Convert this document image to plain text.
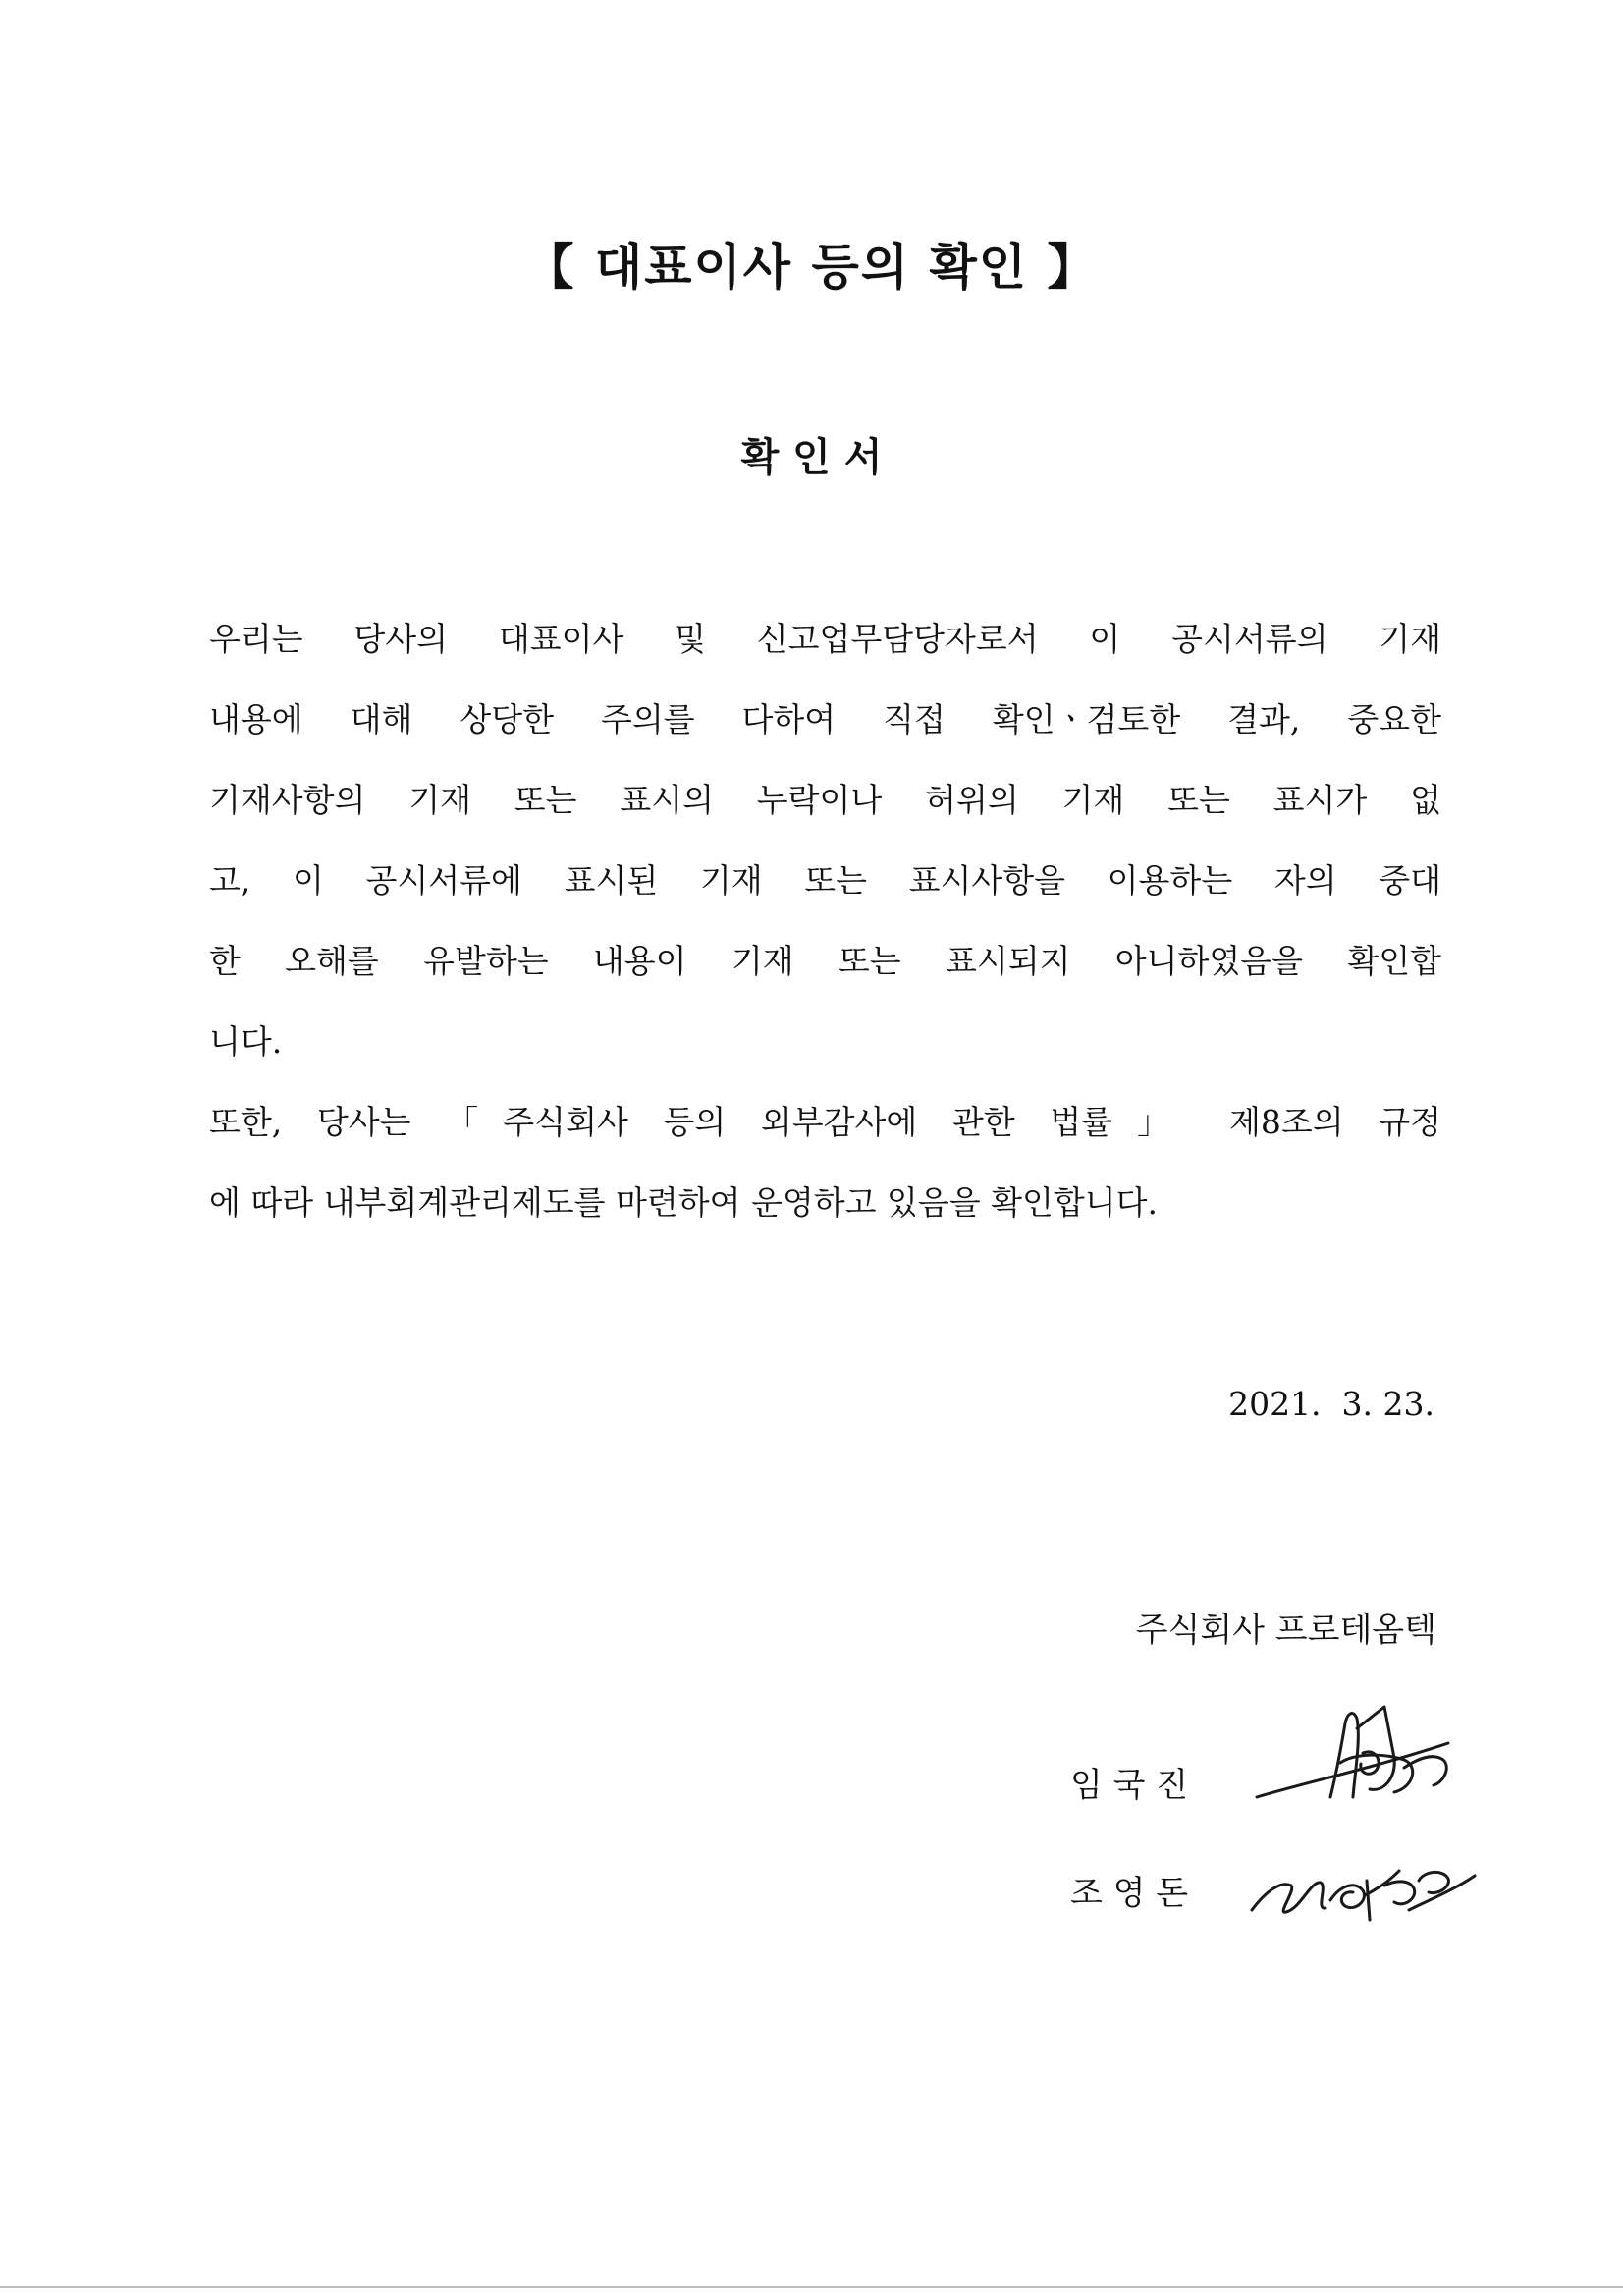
【 대표이사 등의 확인 】
확 인 서
우리는 당사의 대표이사 및 신고업무담당자로서 이 공시서류의 기재
내용에 대해 상당한 주의를 다하여 직접 확인ㆍ검토한 결과, 중요한
기재사항의 기재 또는 표시의 누락이나 허위의 기재 또는 표시가 없
고, 이 공시서류에 표시된 기재 또는 표시사항을 이용하는 자의 중대
한 오해를 유발하는 내용이 기재 또는 표시되지 아니하였음을 확인합
니다.
또한, 당사는 「주식회사 등의 외부감사에 관한 법률」 제8조의 규정
에 따라 내부회계관리제도를 마련하여 운영하고 있음을 확인합니다.
2021.  3. 23.
주식회사 프로테옴텍
임 국 진
조 영 돈
